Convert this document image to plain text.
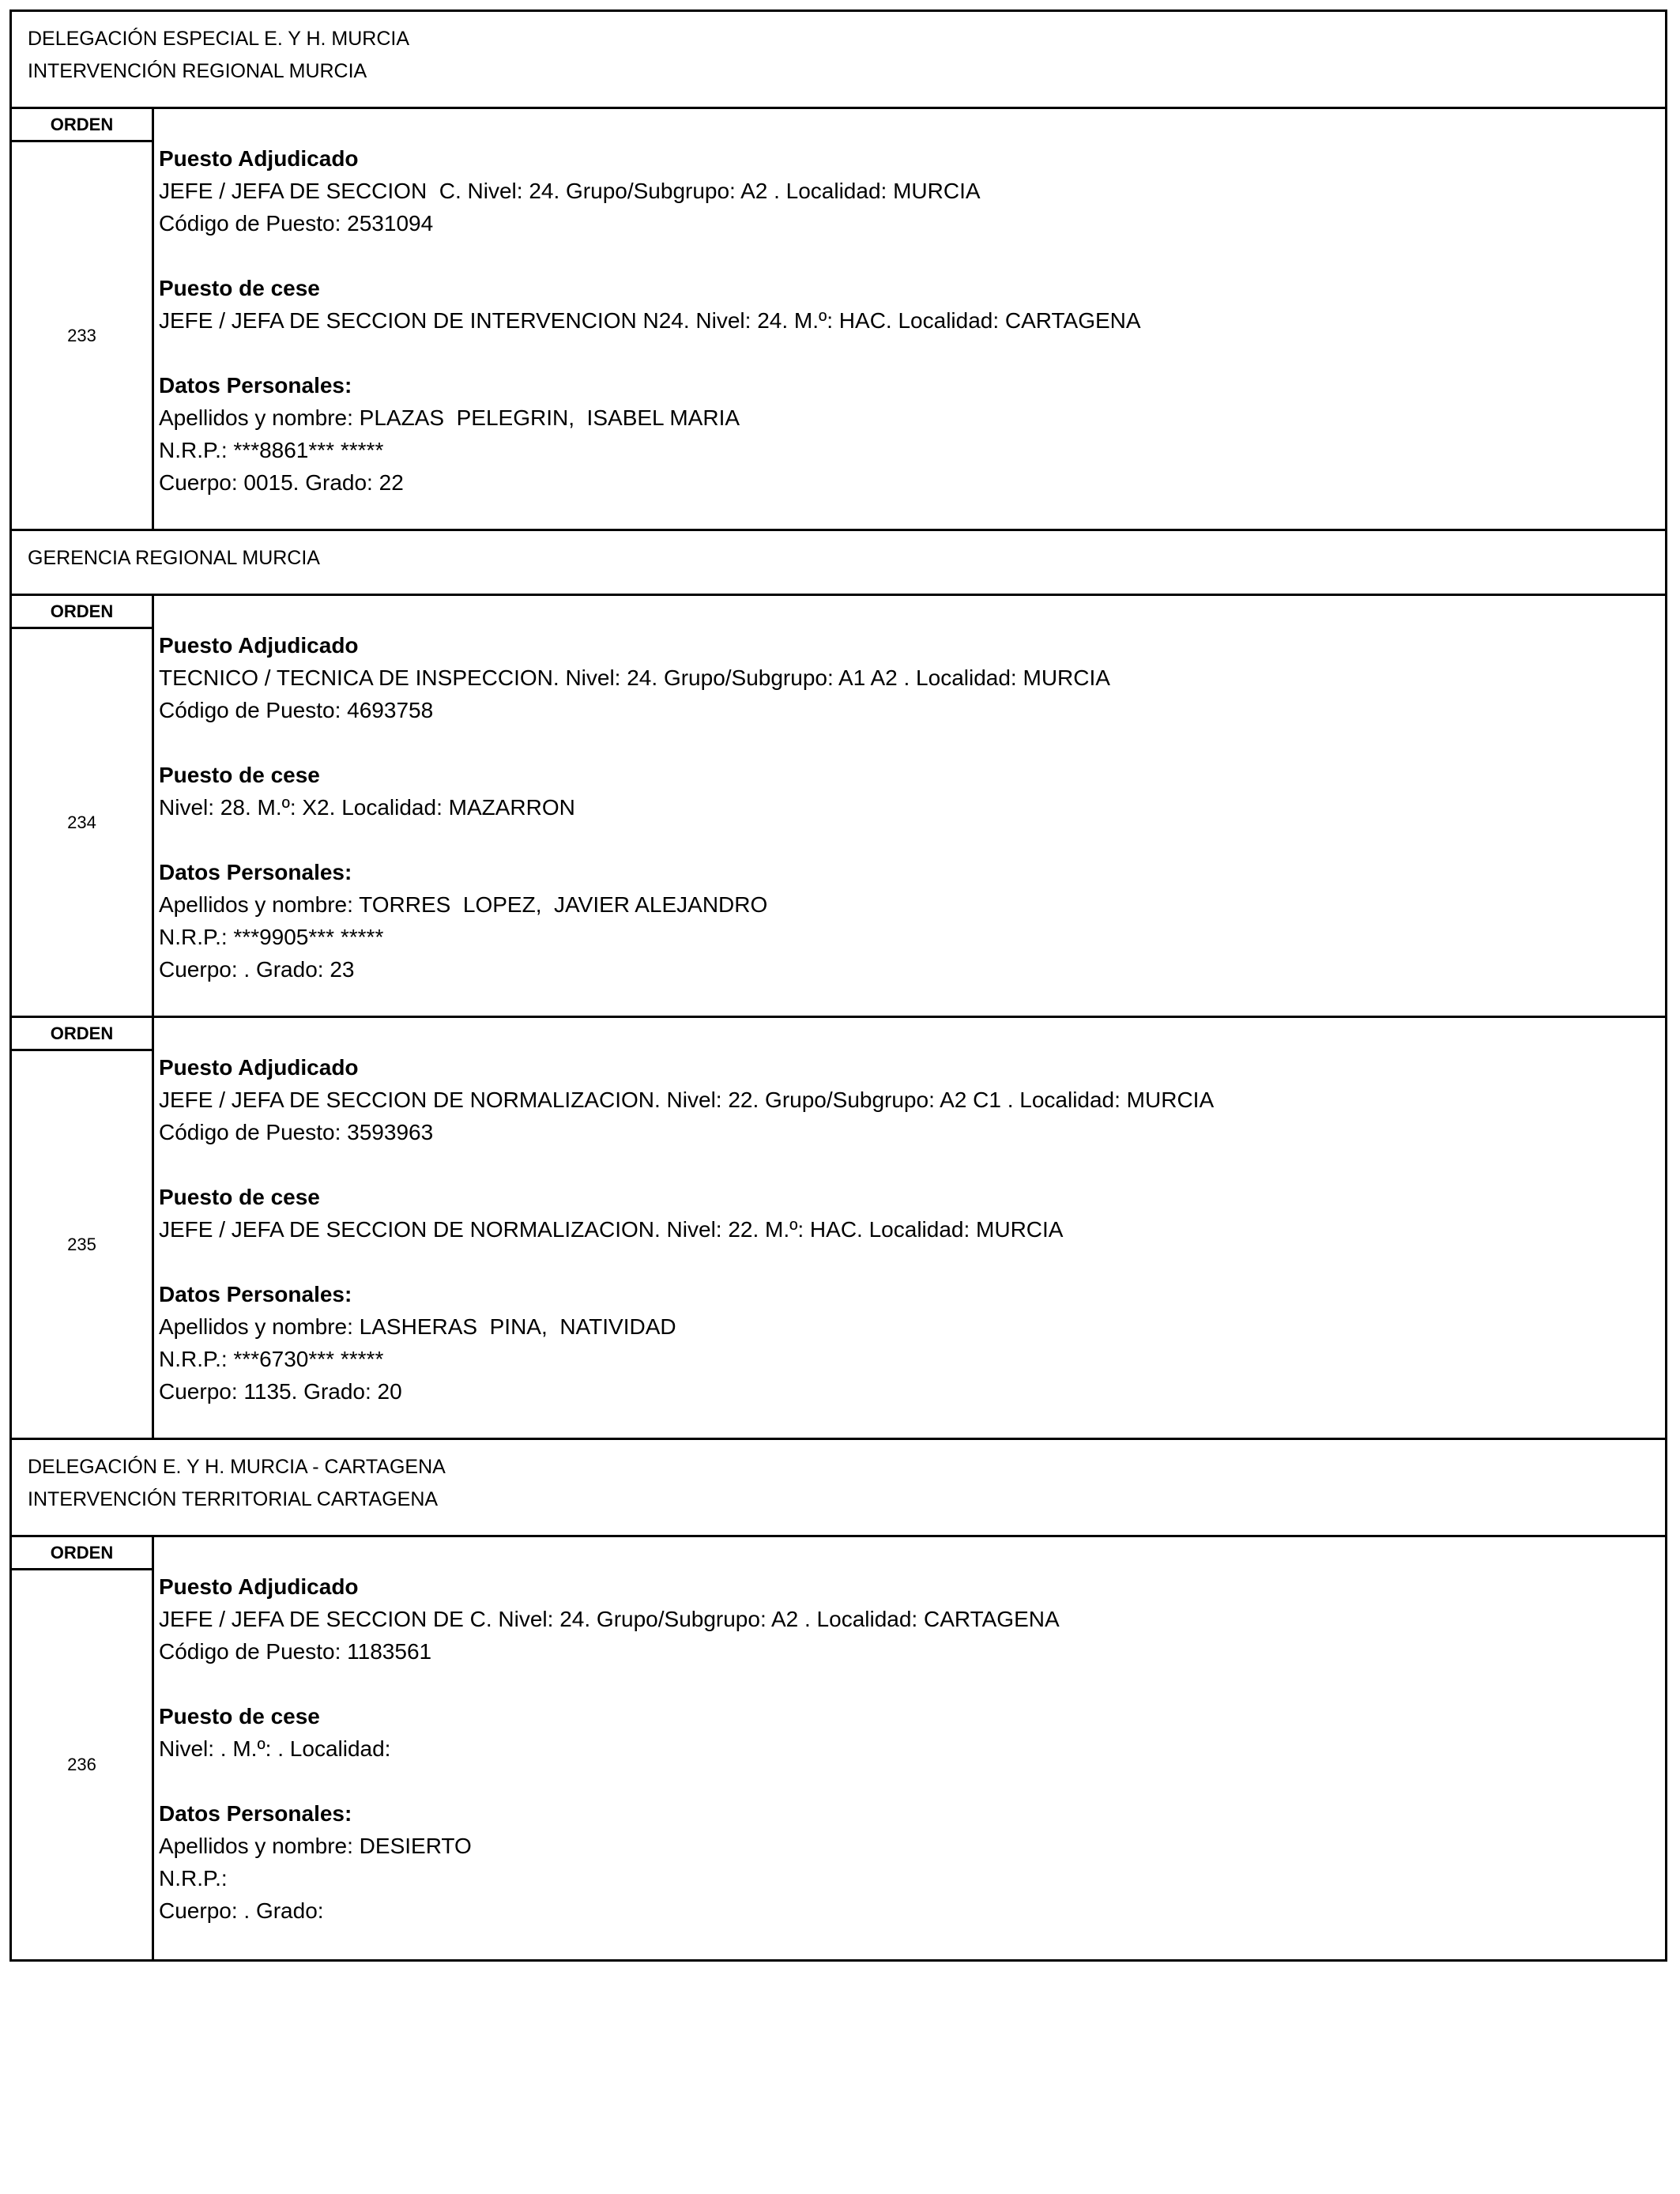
DELEGACIÓN ESPECIAL E. Y H. MURCIA
INTERVENCIÓN REGIONAL MURCIA
ORDEN
233
Puesto Adjudicado
JEFE / JEFA DE SECCION  C. Nivel: 24. Grupo/Subgrupo: A2 . Localidad: MURCIA
Código de Puesto: 2531094
Puesto de cese
JEFE / JEFA DE SECCION DE INTERVENCION N24. Nivel: 24. M.º: HAC. Localidad: CARTAGENA
Datos Personales:
Apellidos y nombre: PLAZAS  PELEGRIN,  ISABEL MARIA
N.R.P.: ***8861*** *****
Cuerpo: 0015. Grado: 22
GERENCIA REGIONAL MURCIA
ORDEN
234
Puesto Adjudicado
TECNICO / TECNICA DE INSPECCION. Nivel: 24. Grupo/Subgrupo: A1 A2 . Localidad: MURCIA
Código de Puesto: 4693758
Puesto de cese
Nivel: 28. M.º: X2. Localidad: MAZARRON
Datos Personales:
Apellidos y nombre: TORRES  LOPEZ,  JAVIER ALEJANDRO
N.R.P.: ***9905*** *****
Cuerpo: . Grado: 23
ORDEN
235
Puesto Adjudicado
JEFE / JEFA DE SECCION DE NORMALIZACION. Nivel: 22. Grupo/Subgrupo: A2 C1 . Localidad: MURCIA
Código de Puesto: 3593963
Puesto de cese
JEFE / JEFA DE SECCION DE NORMALIZACION. Nivel: 22. M.º: HAC. Localidad: MURCIA
Datos Personales:
Apellidos y nombre: LASHERAS  PINA,  NATIVIDAD
N.R.P.: ***6730*** *****
Cuerpo: 1135. Grado: 20
DELEGACIÓN E. Y H. MURCIA - CARTAGENA
INTERVENCIÓN TERRITORIAL CARTAGENA
ORDEN
236
Puesto Adjudicado
JEFE / JEFA DE SECCION DE C. Nivel: 24. Grupo/Subgrupo: A2 . Localidad: CARTAGENA
Código de Puesto: 1183561
Puesto de cese
Nivel: . M.º: . Localidad:
Datos Personales:
Apellidos y nombre: DESIERTO
N.R.P.:
Cuerpo: . Grado:
